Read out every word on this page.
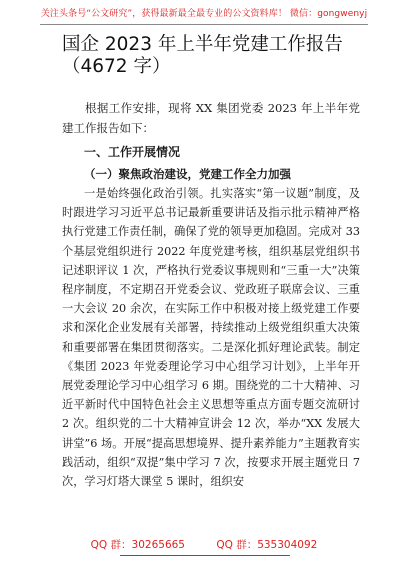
关注头条号“公文研究”，获得最新最全最专业的公文资料库！ 微信：gongwenyj
国企 2023 年上半年党建工作报告（4672 字）

根据工作安排，现将 XX 集团党委 2023 年上半年党建工作报告如下：

一、工作开展情况
（一）聚焦政治建设，党建工作全力加强

一是始终强化政治引领。扎实落实“第一议题”制度，及时跟进学习习近平总书记最新重要讲话及指示批示精神严格执行党建工作责任制，确保了党的领导更加稳固。完成对 33 个基层党组织进行 2022 年度党建考核，组织基层党组织书记述职评议 1 次，严格执行党委议事规则和“三重一大”决策程序制度，不定期召开党委会议、党政班子联席会议、三重一大会议 20 余次，在实际工作中积极对接上级党建工作要求和深化企业发展有关部署，持续推动上级党组织重大决策和重要部署在集团贯彻落实。二是深化抓好理论武装。制定《集团 2023 年党委理论学习中心组学习计划》，上半年开展党委理论学习中心组学习 6 期。围绕党的二十大精神、习近平新时代中国特色社会主义思想等重点方面专题交流研讨 2 次。组织党的二十大精神宣讲会 12 次，举办“XX 发展大讲堂”6 场。开展“提高思想境界、提升素养能力”主题教育实践活动，组织“双提”集中学习 7 次，按要求开展主题党日 7 次，学习灯塔大课堂 5 课时，组织安

QQ 群：30265665	QQ 群：535304092
